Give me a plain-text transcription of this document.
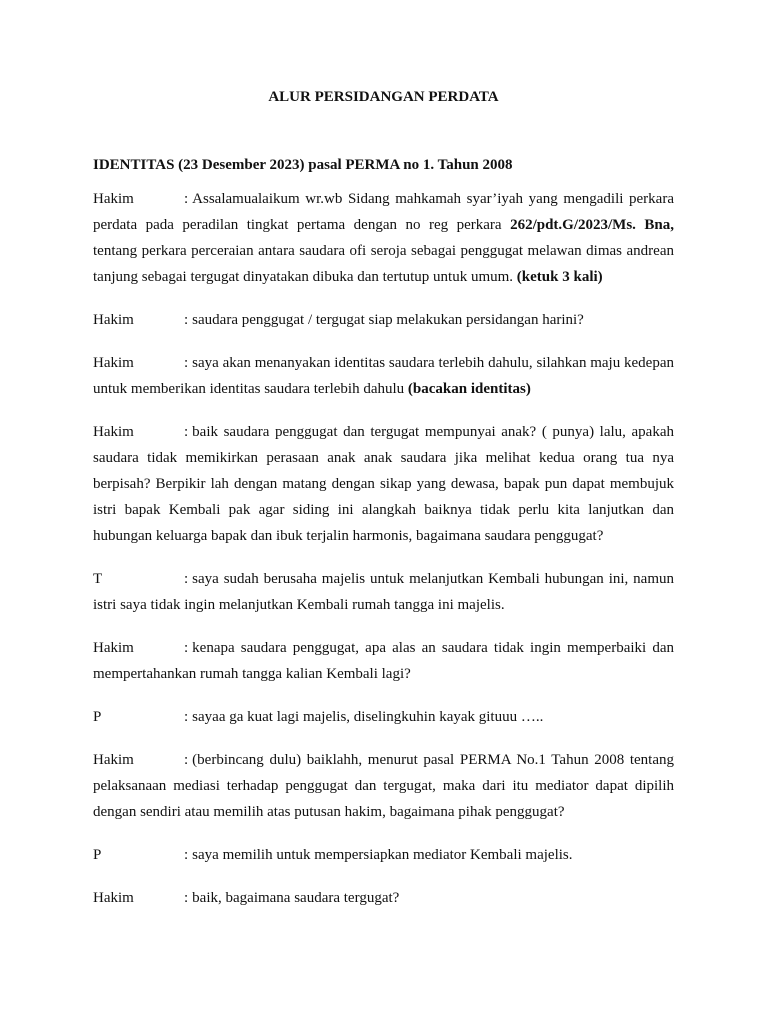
ALUR PERSIDANGAN PERDATA

IDENTITAS (23 Desember 2023) pasal PERMA no 1. Tahun 2008

Hakim	: Assalamualaikum wr.wb Sidang mahkamah syar’iyah yang mengadili perkara perdata pada peradilan tingkat pertama dengan no reg perkara 262/pdt.G/2023/Ms. Bna, tentang perkara perceraian antara saudara ofi seroja sebagai penggugat melawan dimas andrean tanjung sebagai tergugat dinyatakan dibuka dan tertutup untuk umum. (ketuk 3 kali)

Hakim	: saudara penggugat / tergugat siap melakukan persidangan harini?

Hakim	: saya akan menanyakan identitas saudara terlebih dahulu, silahkan maju kedepan untuk memberikan identitas saudara terlebih dahulu (bacakan identitas)

Hakim	: baik saudara penggugat dan tergugat mempunyai anak? ( punya) lalu, apakah saudara tidak memikirkan perasaan anak anak saudara jika melihat kedua orang tua nya berpisah? Berpikir lah dengan matang dengan sikap yang dewasa, bapak pun dapat membujuk istri bapak Kembali pak agar siding ini alangkah baiknya tidak perlu kita lanjutkan dan hubungan keluarga bapak dan ibuk terjalin harmonis, bagaimana saudara penggugat?

T	: saya sudah berusaha majelis untuk melanjutkan Kembali hubungan ini, namun istri saya tidak ingin melanjutkan Kembali rumah tangga ini majelis.

Hakim	: kenapa saudara penggugat, apa alas an saudara tidak ingin memperbaiki dan mempertahankan rumah tangga kalian Kembali lagi?

P	: sayaa ga kuat lagi majelis, diselingkuhin kayak gituuu …..

Hakim	: (berbincang dulu) baiklahh, menurut pasal PERMA No.1 Tahun 2008 tentang pelaksanaan mediasi terhadap penggugat dan tergugat, maka dari itu mediator dapat dipilih dengan sendiri atau memilih atas putusan hakim, bagaimana pihak penggugat?

P	: saya memilih untuk mempersiapkan mediator Kembali majelis.

Hakim	: baik, bagaimana saudara tergugat?
